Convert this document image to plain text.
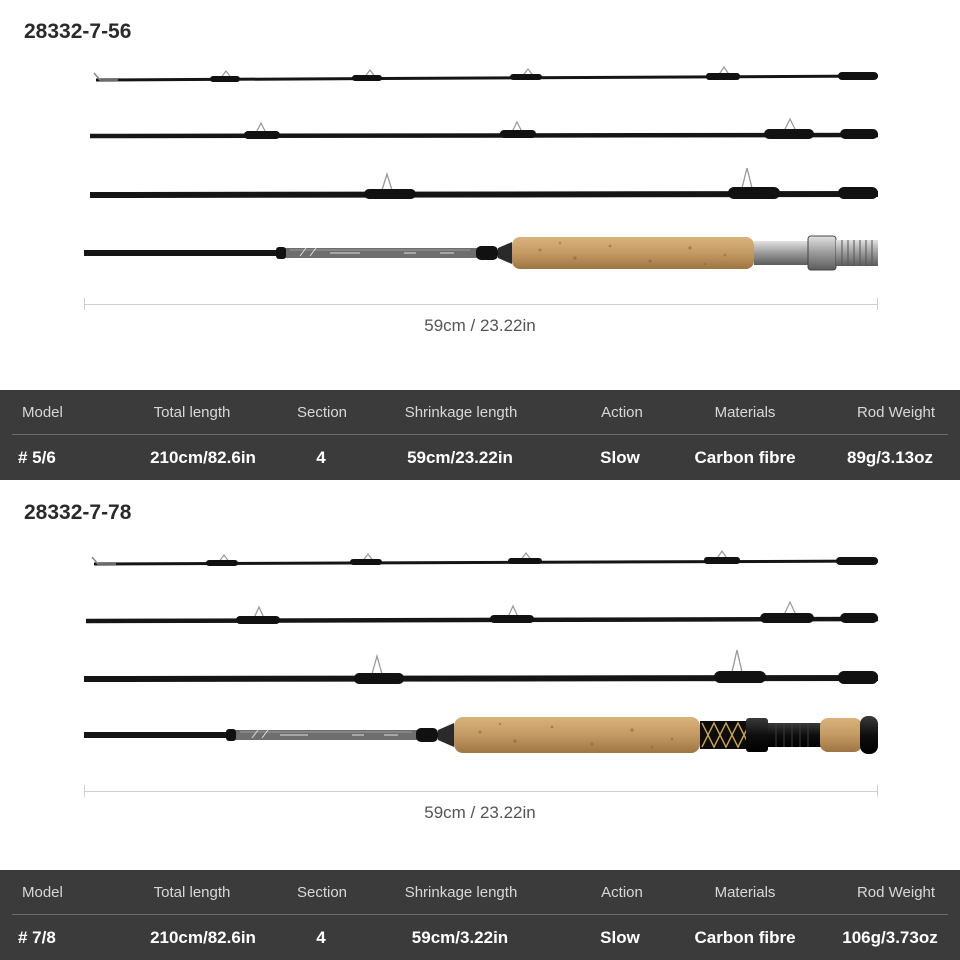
28332-7-56
59cm / 23.22in
Model	Total length	Section	Shrinkage length	Action	Materials	Rod Weight
# 5/6	210cm/82.6in	4	59cm/23.22in	Slow	Carbon fibre	89g/3.13oz
28332-7-78
59cm / 23.22in
Model	Total length	Section	Shrinkage length	Action	Materials	Rod Weight
# 7/8	210cm/82.6in	4	59cm/3.22in	Slow	Carbon fibre	106g/3.73oz
